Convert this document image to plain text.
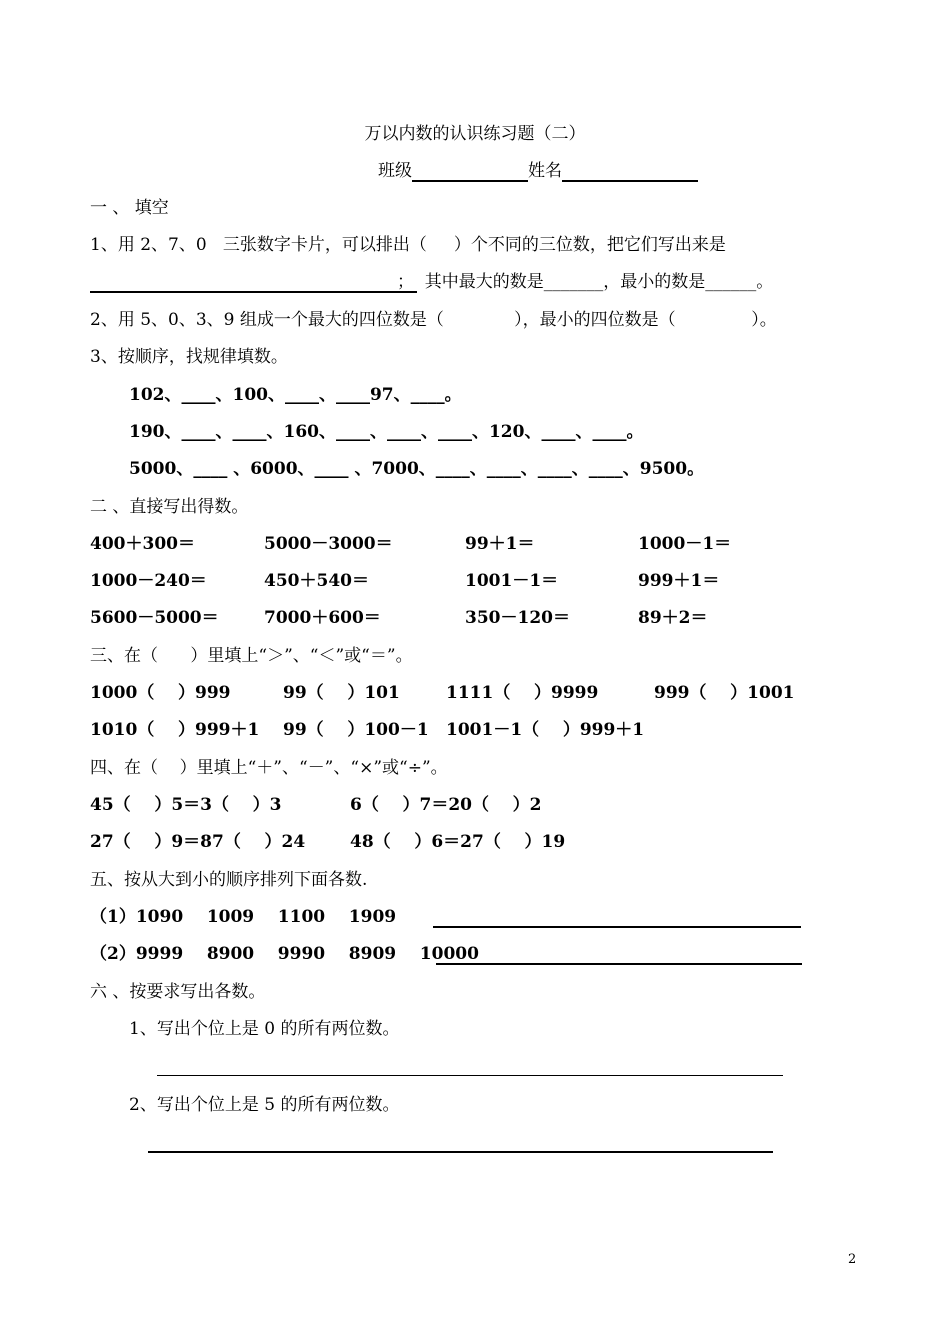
万以内数的认识练习题（二）
班级	姓名
一 、 填空
1、用 2、7、0   三张数字卡片，可以排出（     ）个不同的三位数，把它们写出来是
；  其中最大的数是_______，最小的数是______。
2、用 5、0、3、9 组成一个最大的四位数是（             ），最小的四位数是（              ）。
3、按顺序，找规律填数。
102、____、100、____、____97、____。
190、____、____、160、____、____、____、120、____、____。
5000、____ 、6000、____ 、7000、____、____、____、____、9500。
二 、直接写出得数。
400＋300＝	5000－3000＝	99＋1＝	1000－1＝
1000－240＝	450＋540＝	1001－1＝	999＋1＝
5600－5000＝	7000＋600＝	350－120＝	89＋2＝
三、在（      ）里填上“＞”、“＜”或“＝”。
1000（    ）999	99（    ）101	1111（    ）9999	999（    ）1001
1010（    ）999＋1 99（    ）100－1 1001－1（    ）999＋1
四、在（    ）里填上“＋”、“－”、“×”或“÷”。
45（    ）5＝3（    ）3	6（    ）7＝20（    ）2
27（    ）9＝87（    ）24	48（    ）6＝27（    ）19
五、按从大到小的顺序排列下面各数.
（1）1090    1009    1100    1909
（2）9999    8900    9990    8909    10000
六 、按要求写出各数。
1、写出个位上是 0 的所有两位数。
2、写出个位上是 5 的所有两位数。
2
